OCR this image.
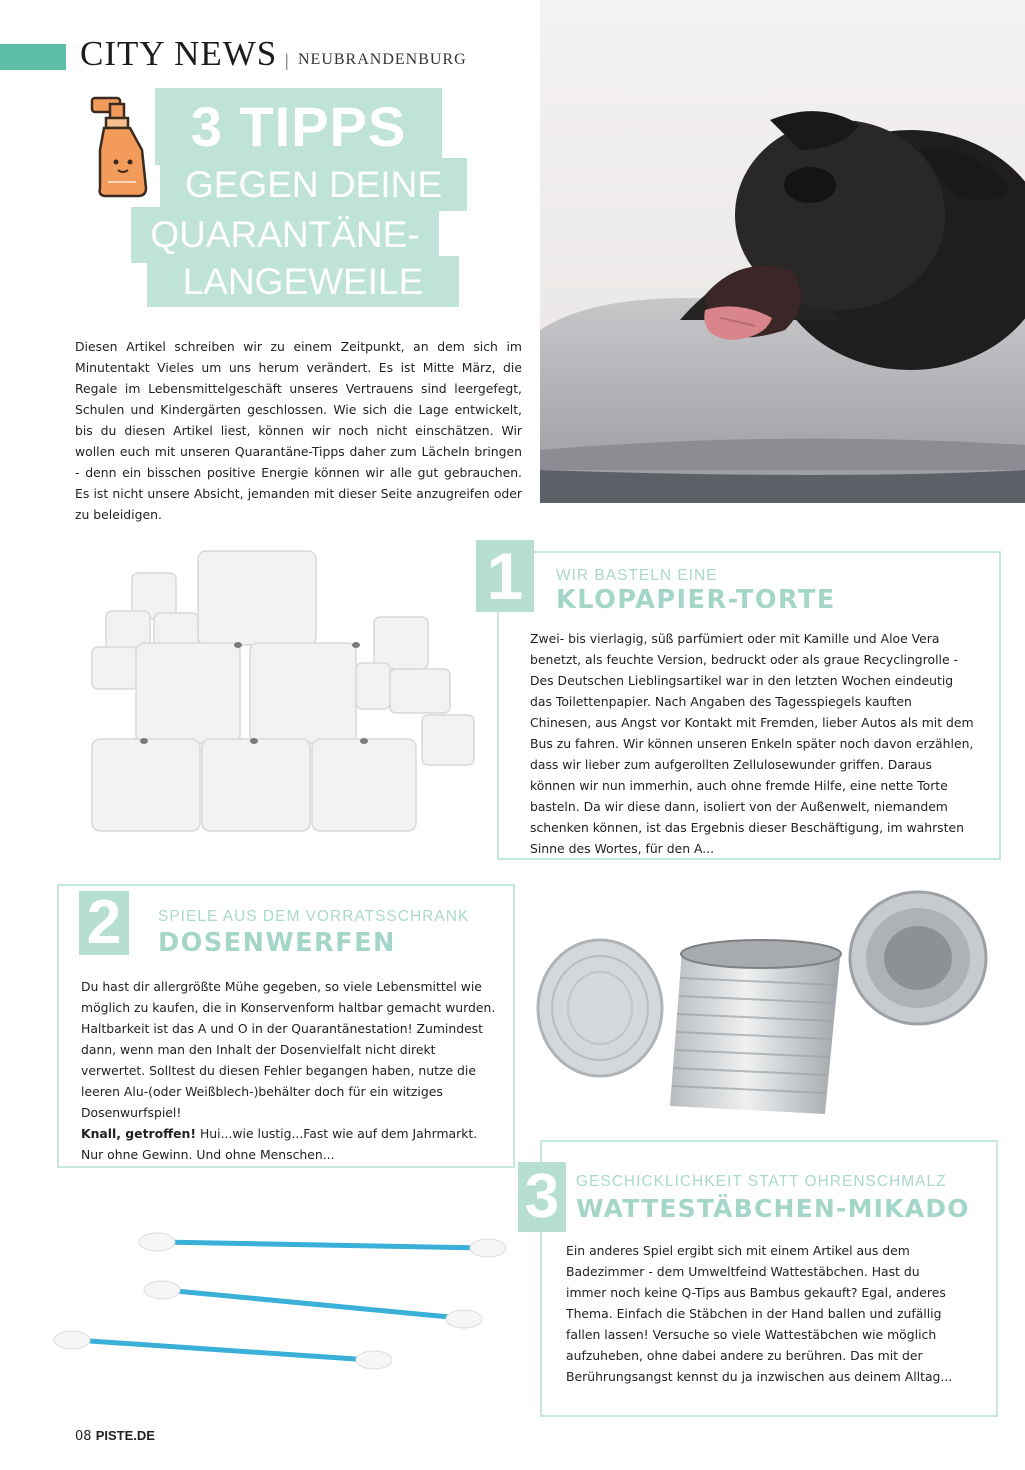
CITY NEWS | NEUBRANDENBURG
3 TIPPS
GEGEN DEINE
QUARANTÄNE-
LANGEWEILE
Diesen Artikel schreiben wir zu einem Zeitpunkt, an dem sich im Minutentakt Vieles um uns herum verändert. Es ist Mitte März, die Regale im Lebensmittelgeschäft unseres Vertrauens sind leergefegt, Schulen und Kindergärten geschlossen. Wie sich die Lage entwickelt, bis du diesen Artikel liest, können wir noch nicht einschätzen. Wir wollen euch mit unseren Quarantäne-Tipps daher zum Lächeln bringen - denn ein bisschen positive Energie können wir alle gut gebrauchen. Es ist nicht unsere Absicht, jemanden mit dieser Seite anzugreifen oder zu beleidigen.
1	WIR BASTELN EINE
KLOPAPIER-TORTE
Zwei- bis vierlagig, süß parfümiert oder mit Kamille und Aloe Vera benetzt, als feuchte Version, bedruckt oder als graue Recyclingrolle - Des Deutschen Lieblingsartikel war in den letzten Wochen eindeutig das Toilettenpapier. Nach Angaben des Tagesspiegels kauften Chinesen, aus Angst vor Kontakt mit Fremden, lieber Autos als mit dem Bus zu fahren. Wir können unseren Enkeln später noch davon erzählen, dass wir lieber zum aufgerollten Zellulosewunder griffen. Daraus können wir nun immerhin, auch ohne fremde Hilfe, eine nette Torte basteln. Da wir diese dann, isoliert von der Außenwelt, niemandem schenken können, ist das Ergebnis dieser Beschäftigung, im wahrsten Sinne des Wortes, für den A...
2	SPIELE AUS DEM VORRATSSCHRANK
DOSENWERFEN
Du hast dir allergrößte Mühe gegeben, so viele Lebensmittel wie möglich zu kaufen, die in Konservenform haltbar gemacht wurden. Haltbarkeit ist das A und O in der Quarantänestation! Zumindest dann, wenn man den Inhalt der Dosenvielfalt nicht direkt verwertet. Solltest du diesen Fehler begangen haben, nutze die leeren Alu-(oder Weißblech-)behälter doch für ein witziges Dosenwurfspiel!
Knall, getroffen! Hui...wie lustig...Fast wie auf dem Jahrmarkt. Nur ohne Gewinn. Und ohne Menschen...
3	GESCHICKLICHKEIT STATT OHRENSCHMALZ
WATTESTÄBCHEN-MIKADO
Ein anderes Spiel ergibt sich mit einem Artikel aus dem Badezimmer - dem Umweltfeind Wattestäbchen. Hast du immer noch keine Q-Tips aus Bambus gekauft? Egal, anderes Thema. Einfach die Stäbchen in der Hand ballen und zufällig fallen lassen! Versuche so viele Wattestäbchen wie möglich aufzuheben, ohne dabei andere zu berühren. Das mit der Berührungsangst kennst du ja inzwischen aus deinem Alltag...
08 PISTE.DE
